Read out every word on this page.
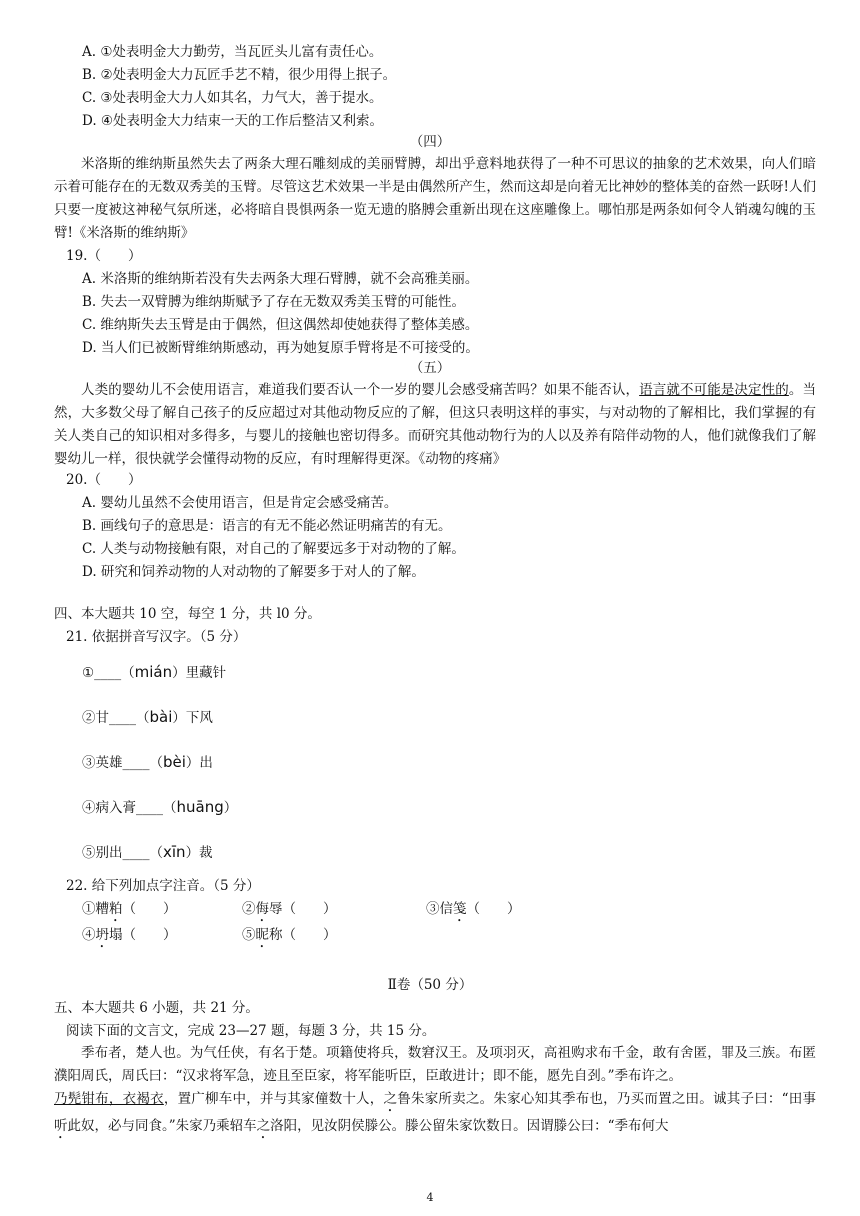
A. ①处表明金大力勤劳，当瓦匠头儿富有责任心。
B. ②处表明金大力瓦匠手艺不精，很少用得上抿子。
C. ③处表明金大力人如其名，力气大，善于提水。
D. ④处表明金大力结束一天的工作后整洁又利索。
（四）
米洛斯的维纳斯虽然失去了两条大理石雕刻成的美丽臂膊，却出乎意料地获得了一种不可思议的抽象的艺术效果，向人们暗示着可能存在的无数双秀美的玉臂。尽管这艺术效果一半是由偶然所产生，然而这却是向着无比神妙的整体美的奋然一跃呀!人们只要一度被这神秘气氛所迷，必将暗自畏惧两条一览无遗的胳膊会重新出现在这座雕像上。哪怕那是两条如何令人销魂勾魄的玉臂!《米洛斯的维纳斯》
19.（　　）
A. 米洛斯的维纳斯若没有失去两条大理石臂膊，就不会高雅美丽。
B. 失去一双臂膊为维纳斯赋予了存在无数双秀美玉臂的可能性。
C. 维纳斯失去玉臂是由于偶然，但这偶然却使她获得了整体美感。
D. 当人们已被断臂维纳斯感动，再为她复原手臂将是不可接受的。
（五）
人类的婴幼儿不会使用语言，难道我们要否认一个一岁的婴儿会感受痛苦吗？如果不能否认，语言就不可能是决定性的。当然，大多数父母了解自己孩子的反应超过对其他动物反应的了解，但这只表明这样的事实，与对动物的了解相比，我们掌握的有关人类自己的知识相对多得多，与婴儿的接触也密切得多。而研究其他动物行为的人以及养有陪伴动物的人，他们就像我们了解婴幼儿一样，很快就学会懂得动物的反应，有时理解得更深。《动物的疼痛》
20.（　　）
A. 婴幼儿虽然不会使用语言，但是肯定会感受痛苦。
B. 画线句子的意思是：语言的有无不能必然证明痛苦的有无。
C. 人类与动物接触有限，对自己的了解要远多于对动物的了解。
D. 研究和饲养动物的人对动物的了解要多于对人的了解。
四、本大题共 10 空，每空 1 分，共 l0 分。
21. 依据拼音写汉字。（5 分）
①____（mián）里藏针
②甘____（bài）下风
③英雄____（bèi）出
④病入膏____（huāng）
⑤别出____（xīn）裁
22. 给下列加点字注音。（5 分）
①糟粕（　　）	②侮辱（　　）	③信笺（　　）
④坍塌（　　）	⑤昵称（　　）
Ⅱ卷（50 分）
五、本大题共 6 小题，共 21 分。
阅读下面的文言文，完成 23—27 题，每题 3 分，共 15 分。
季布者，楚人也。为气任侠，有名于楚。项籍使将兵，数窘汉王。及项羽灭，高祖购求布千金，敢有舍匿，罪及三族。布匿濮阳周氏，周氏曰：“汉求将军急，迹且至臣家，将军能听臣，臣敢进计；即不能，愿先自刭。”季布许之。
乃髡钳布，衣褐衣，置广柳车中，并与其家僮数十人，之鲁朱家所卖之。朱家心知其季布也，乃买而置之田。诚其子曰：“田事听此奴，必与同食。”朱家乃乘轺车之洛阳，见汝阴侯滕公。滕公留朱家饮数日。因谓滕公曰：“季布何大
4
